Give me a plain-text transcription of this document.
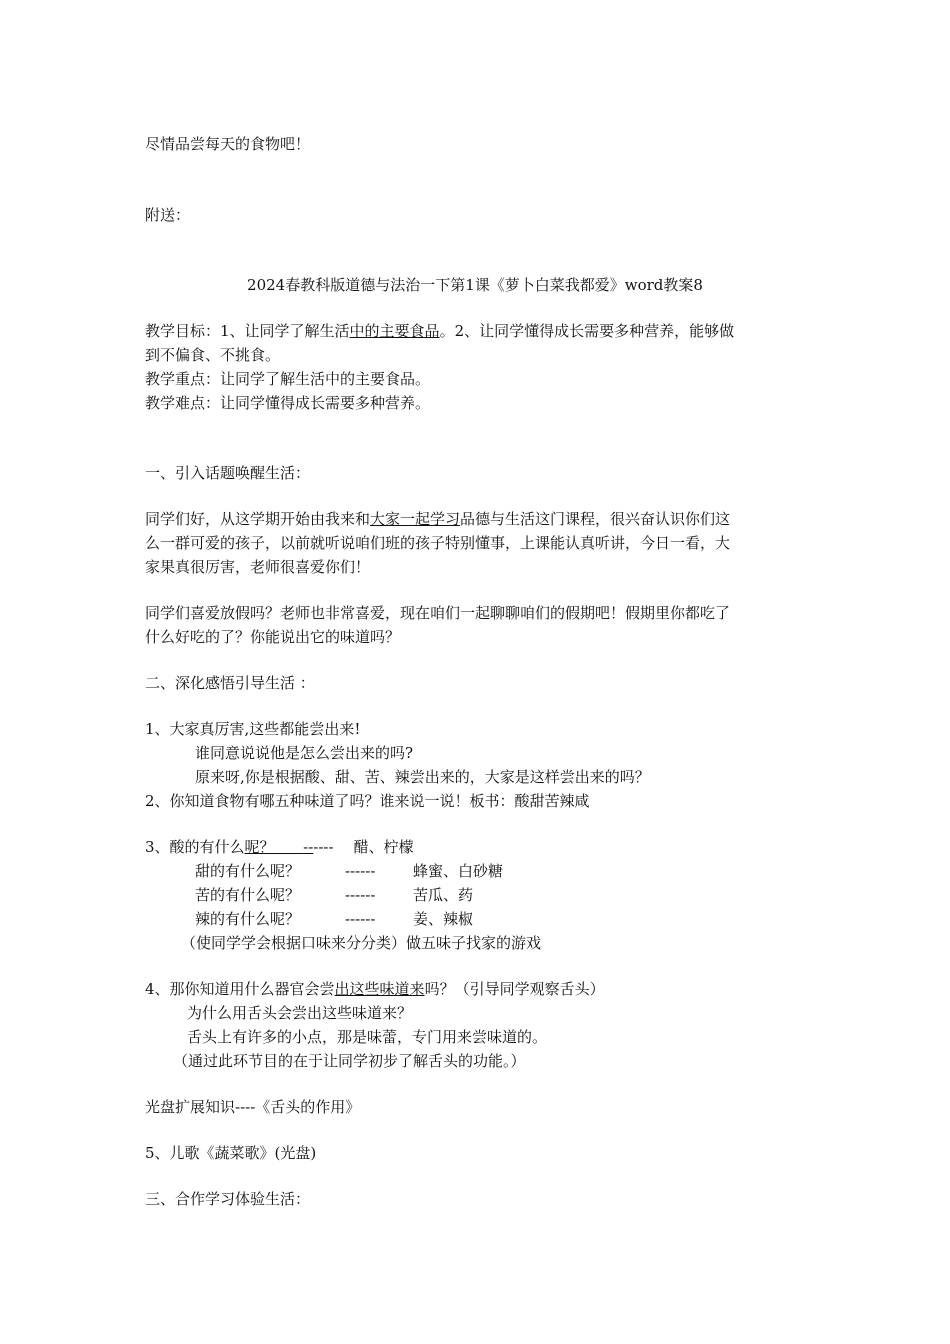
尽情品尝每天的食物吧！

附送：

2024春教科版道德与法治一下第1课《萝卜白菜我都爱》word教案8

教学目标：1、让同学了解生活中的主要食品。2、让同学懂得成长需要多种营养，能够做

到不偏食、不挑食。

教学重点：让同学了解生活中的主要食品。

教学难点：让同学懂得成长需要多种营养。

一、引入话题唤醒生活：

同学们好，从这学期开始由我来和大家一起学习品德与生活这门课程，很兴奋认识你们这

么一群可爱的孩子，以前就听说咱们班的孩子特别懂事，上课能认真听讲，今日一看，大

家果真很厉害，老师很喜爱你们！

同学们喜爱放假吗？老师也非常喜爱，现在咱们一起聊聊咱们的假期吧！假期里你都吃了

什么好吃的了？你能说出它的味道吗？

二、深化感悟引导生活 ：

1、大家真厉害,这些都能尝出来!

谁同意说说他是怎么尝出来的吗?

原来呀,你是根据酸、甜、苦、辣尝出来的，大家是这样尝出来的吗？

2、你知道食物有哪五种味道了吗？谁来说一说！板书：酸甜苦辣咸

3、酸的有什么呢？      ------ 醋、柠檬

甜的有什么呢？	------	蜂蜜、白砂糖

苦的有什么呢？	------	苦瓜、药

辣的有什么呢？	------	姜、辣椒

（使同学学会根据口味来分分类）做五味子找家的游戏

4、那你知道用什么器官会尝出这些味道来吗？（引导同学观察舌头）

为什么用舌头会尝出这些味道来？

舌头上有许多的小点，那是味蕾，专门用来尝味道的。

（通过此环节目的在于让同学初步了解舌头的功能。）

光盘扩展知识----《舌头的作用》

5、儿歌《蔬菜歌》(光盘)

三、合作学习体验生活：
